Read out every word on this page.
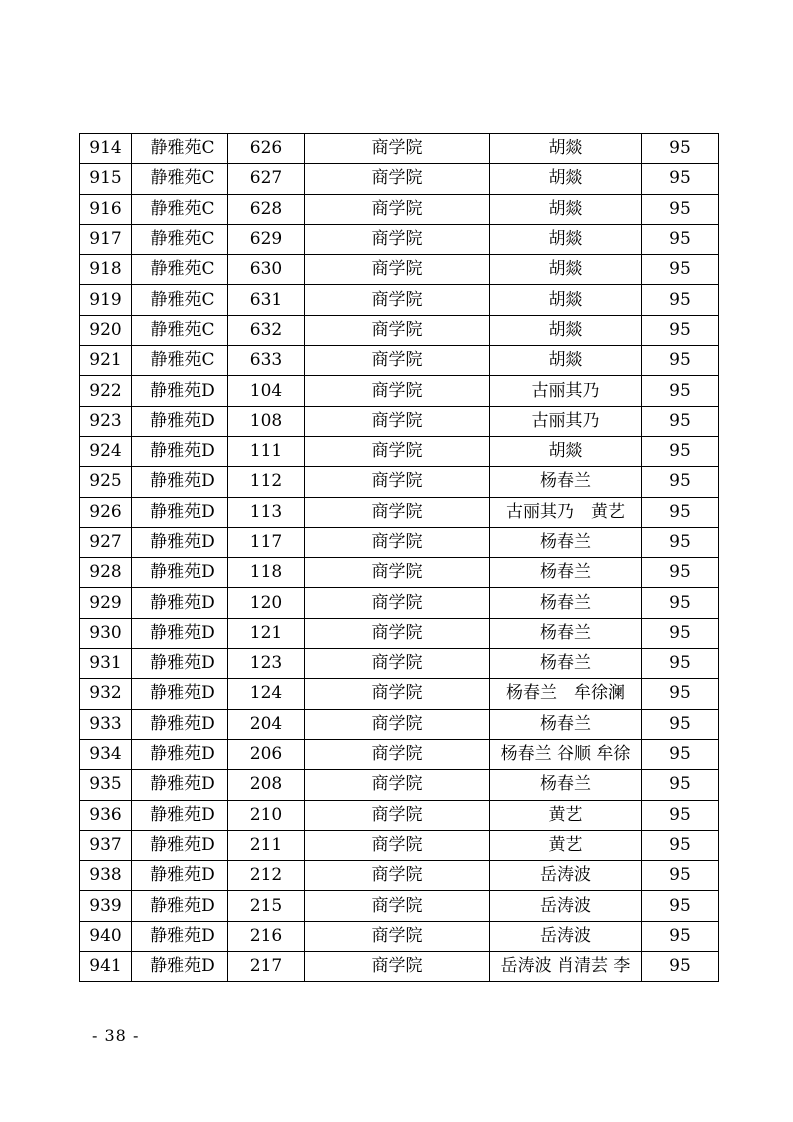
914	静雅苑C	626	商学院	胡燚	95
915	静雅苑C	627	商学院	胡燚	95
916	静雅苑C	628	商学院	胡燚	95
917	静雅苑C	629	商学院	胡燚	95
918	静雅苑C	630	商学院	胡燚	95
919	静雅苑C	631	商学院	胡燚	95
920	静雅苑C	632	商学院	胡燚	95
921	静雅苑C	633	商学院	胡燚	95
922	静雅苑D	104	商学院	古丽其乃	95
923	静雅苑D	108	商学院	古丽其乃	95
924	静雅苑D	111	商学院	胡燚	95
925	静雅苑D	112	商学院	杨春兰	95
926	静雅苑D	113	商学院	古丽其乃　黄艺	95
927	静雅苑D	117	商学院	杨春兰	95
928	静雅苑D	118	商学院	杨春兰	95
929	静雅苑D	120	商学院	杨春兰	95
930	静雅苑D	121	商学院	杨春兰	95
931	静雅苑D	123	商学院	杨春兰	95
932	静雅苑D	124	商学院	杨春兰　牟徐澜	95
933	静雅苑D	204	商学院	杨春兰	95
934	静雅苑D	206	商学院	杨春兰 谷顺 牟徐	95
935	静雅苑D	208	商学院	杨春兰	95
936	静雅苑D	210	商学院	黄艺	95
937	静雅苑D	211	商学院	黄艺	95
938	静雅苑D	212	商学院	岳涛波	95
939	静雅苑D	215	商学院	岳涛波	95
940	静雅苑D	216	商学院	岳涛波	95
941	静雅苑D	217	商学院	岳涛波 肖清芸 李	95
- 38 -
